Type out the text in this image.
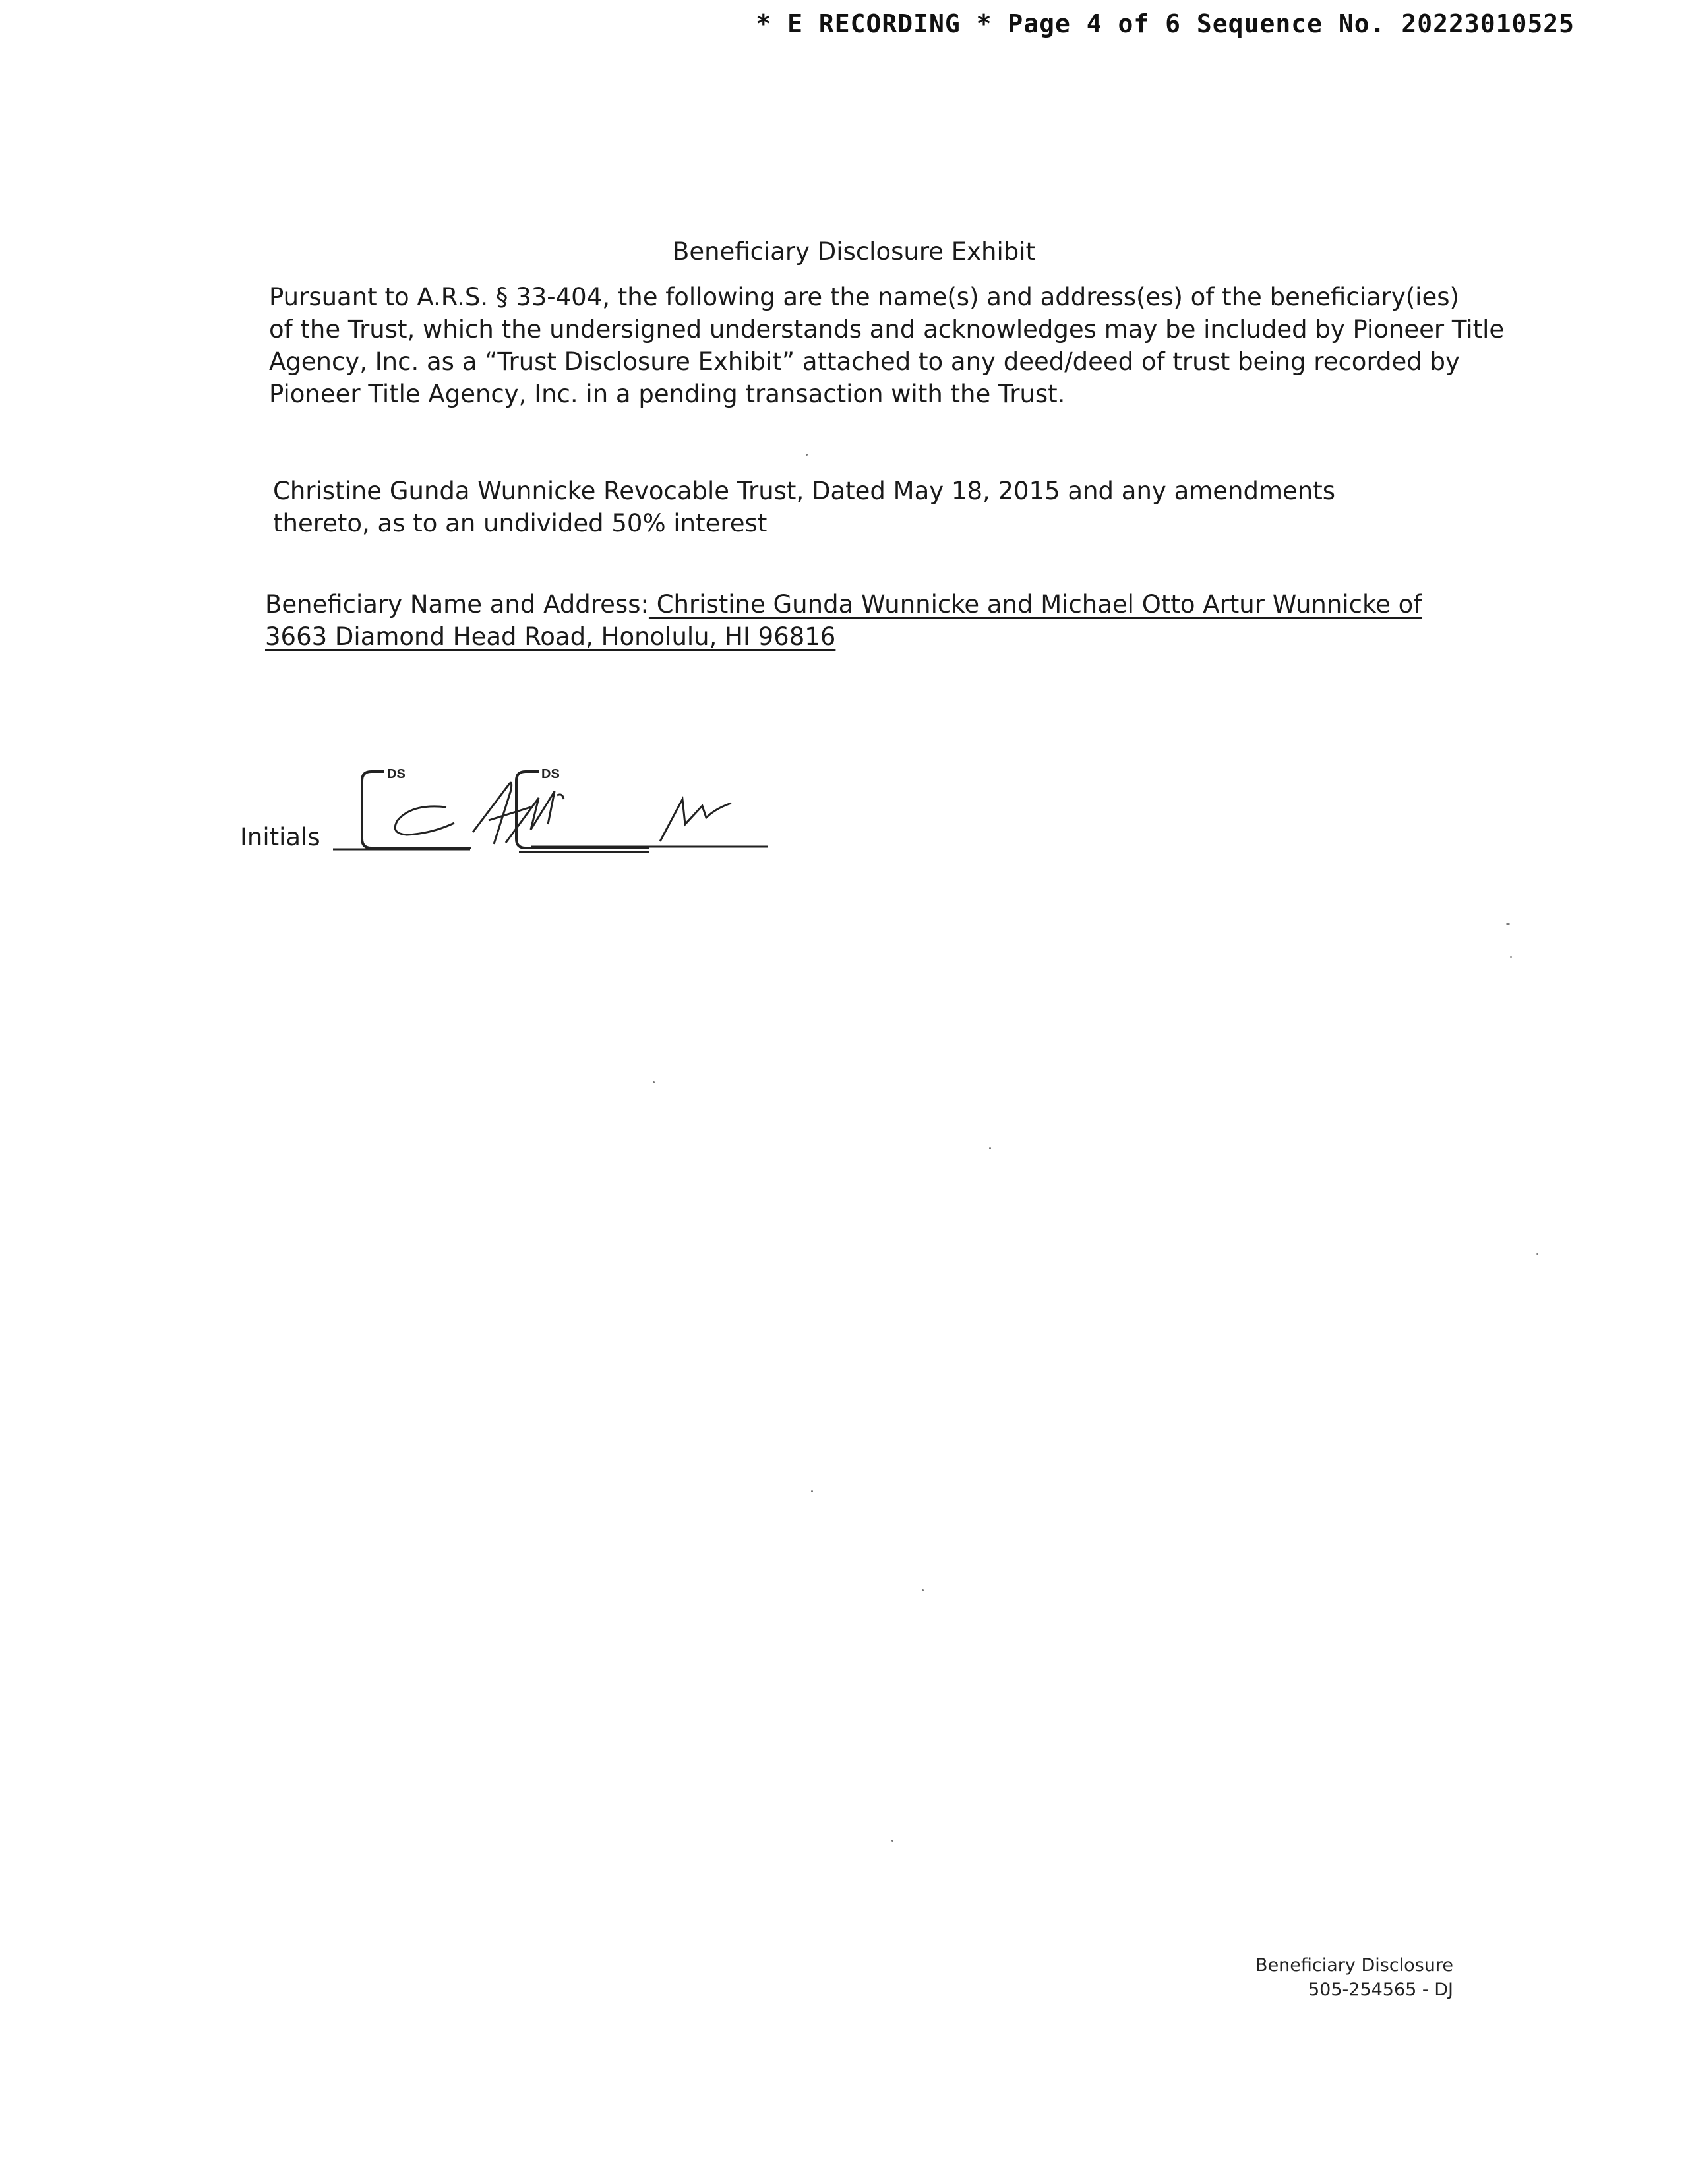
* E RECORDING * Page 4 of 6 Sequence No. 20223010525
Beneficiary Disclosure Exhibit
Pursuant to A.R.S. § 33-404, the following are the name(s) and address(es) of the beneficiary(ies)
of the Trust, which the undersigned understands and acknowledges may be included by Pioneer Title
Agency, Inc. as a “Trust Disclosure Exhibit” attached to any deed/deed of trust being recorded by
Pioneer Title Agency, Inc. in a pending transaction with the Trust.
Christine Gunda Wunnicke Revocable Trust, Dated May 18, 2015 and any amendments
thereto, as to an undivided 50% interest
Beneficiary Name and Address: Christine Gunda Wunnicke and Michael Otto Artur Wunnicke of
3663 Diamond Head Road, Honolulu, HI 96816
Initials
DS	DS
Beneficiary Disclosure
505-254565 - DJ
